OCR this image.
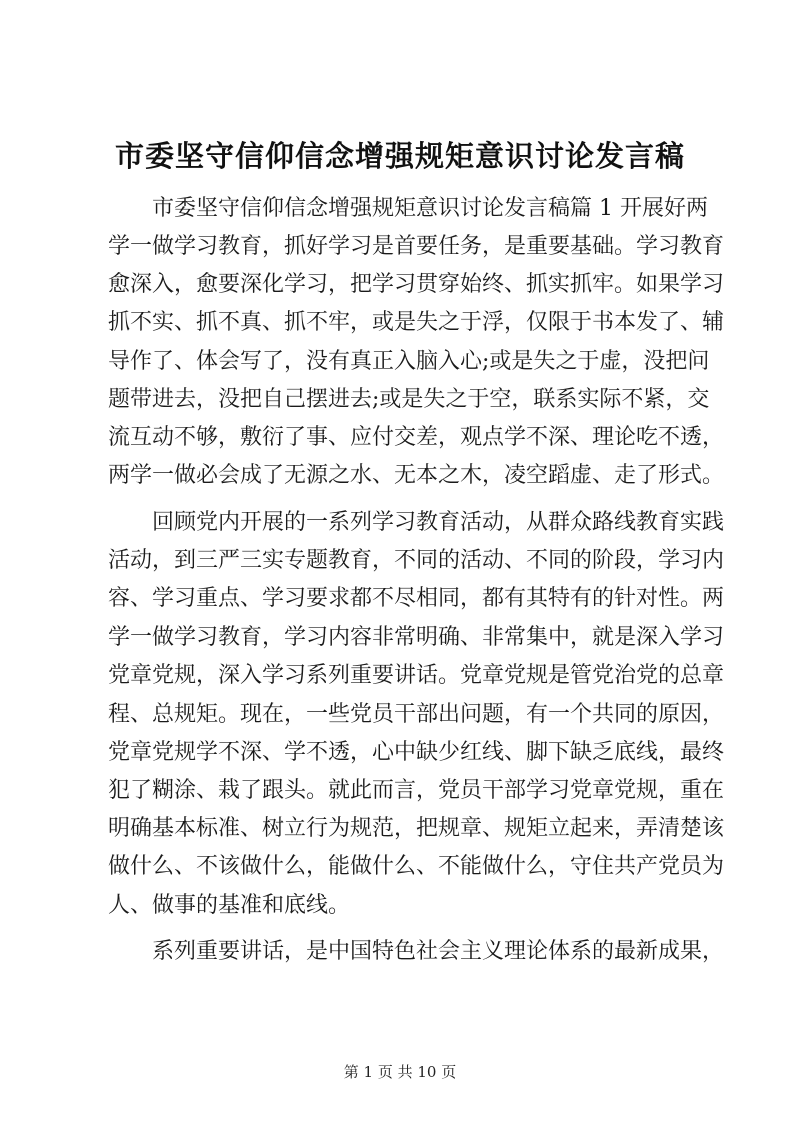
市委坚守信仰信念增强规矩意识讨论发言稿
市委坚守信仰信念增强规矩意识讨论发言稿篇 1 开展好两
学一做学习教育，抓好学习是首要任务，是重要基础。学习教育
愈深入，愈要深化学习，把学习贯穿始终、抓实抓牢。如果学习
抓不实、抓不真、抓不牢，或是失之于浮，仅限于书本发了、辅
导作了、体会写了，没有真正入脑入心;或是失之于虚，没把问
题带进去，没把自己摆进去;或是失之于空，联系实际不紧，交
流互动不够，敷衍了事、应付交差，观点学不深、理论吃不透，
两学一做必会成了无源之水、无本之木，凌空蹈虚、走了形式。
回顾党内开展的一系列学习教育活动，从群众路线教育实践
活动，到三严三实专题教育，不同的活动、不同的阶段，学习内
容、学习重点、学习要求都不尽相同，都有其特有的针对性。两
学一做学习教育，学习内容非常明确、非常集中，就是深入学习
党章党规，深入学习系列重要讲话。党章党规是管党治党的总章
程、总规矩。现在，一些党员干部出问题，有一个共同的原因，
党章党规学不深、学不透，心中缺少红线、脚下缺乏底线，最终
犯了糊涂、栽了跟头。就此而言，党员干部学习党章党规，重在
明确基本标准、树立行为规范，把规章、规矩立起来，弄清楚该
做什么、不该做什么，能做什么、不能做什么，守住共产党员为
人、做事的基准和底线。
系列重要讲话，是中国特色社会主义理论体系的最新成果，
第 1 页 共 10 页
